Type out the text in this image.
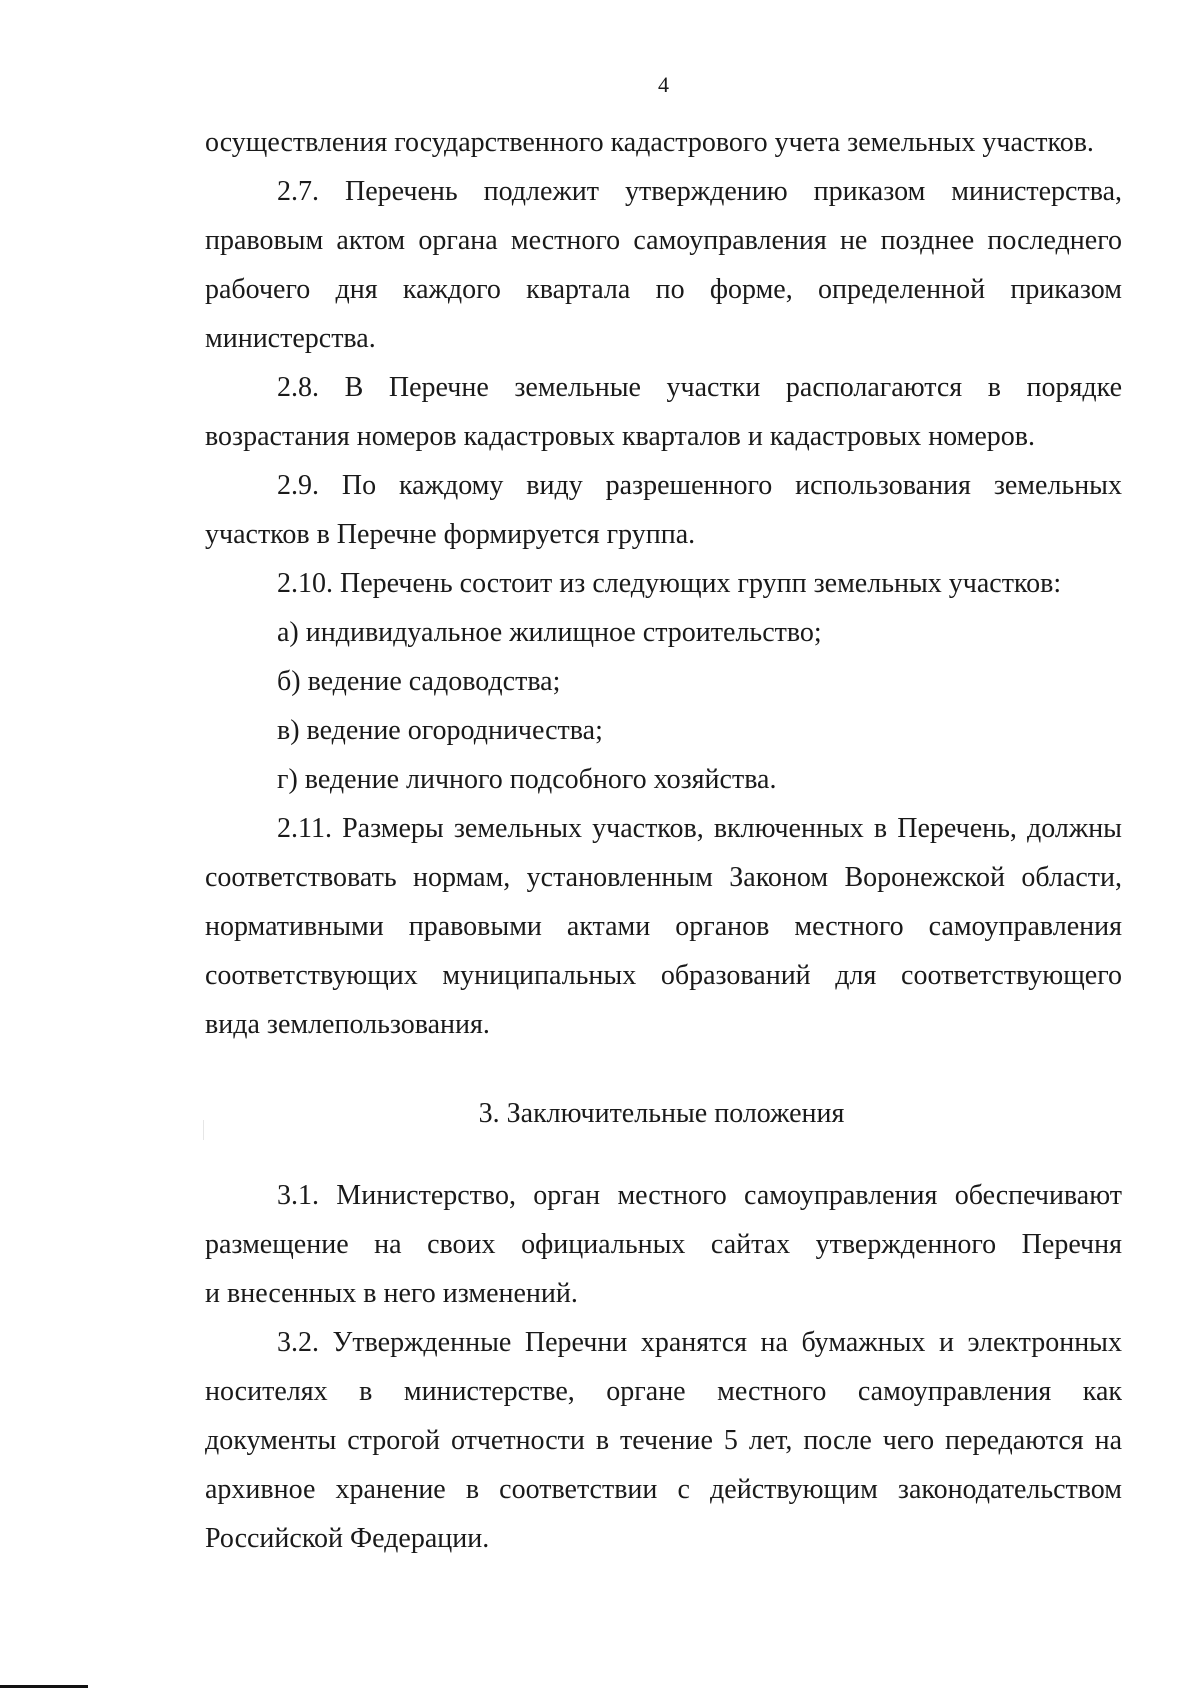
4
осуществления государственного кадастрового учета земельных участков.
2.7. Перечень подлежит утверждению приказом министерства,
правовым актом органа местного самоуправления не позднее последнего
рабочего дня каждого квартала по форме, определенной приказом
министерства.
2.8. В Перечне земельные участки располагаются в порядке
возрастания номеров кадастровых кварталов и кадастровых номеров.
2.9. По каждому виду разрешенного использования земельных
участков в Перечне формируется группа.
2.10. Перечень состоит из следующих групп земельных участков:
а) индивидуальное жилищное строительство;
б) ведение садоводства;
в) ведение огородничества;
г) ведение личного подсобного хозяйства.
2.11. Размеры земельных участков, включенных в Перечень, должны
соответствовать нормам, установленным Законом Воронежской области,
нормативными правовыми актами органов местного самоуправления
соответствующих муниципальных образований для соответствующего
вида землепользования.
3. Заключительные положения
3.1. Министерство, орган местного самоуправления обеспечивают
размещение на своих официальных сайтах утвержденного Перечня
и внесенных в него изменений.
3.2. Утвержденные Перечни хранятся на бумажных и электронных
носителях в министерстве, органе местного самоуправления как
документы строгой отчетности в течение 5 лет, после чего передаются на
архивное хранение в соответствии с действующим законодательством
Российской Федерации.
